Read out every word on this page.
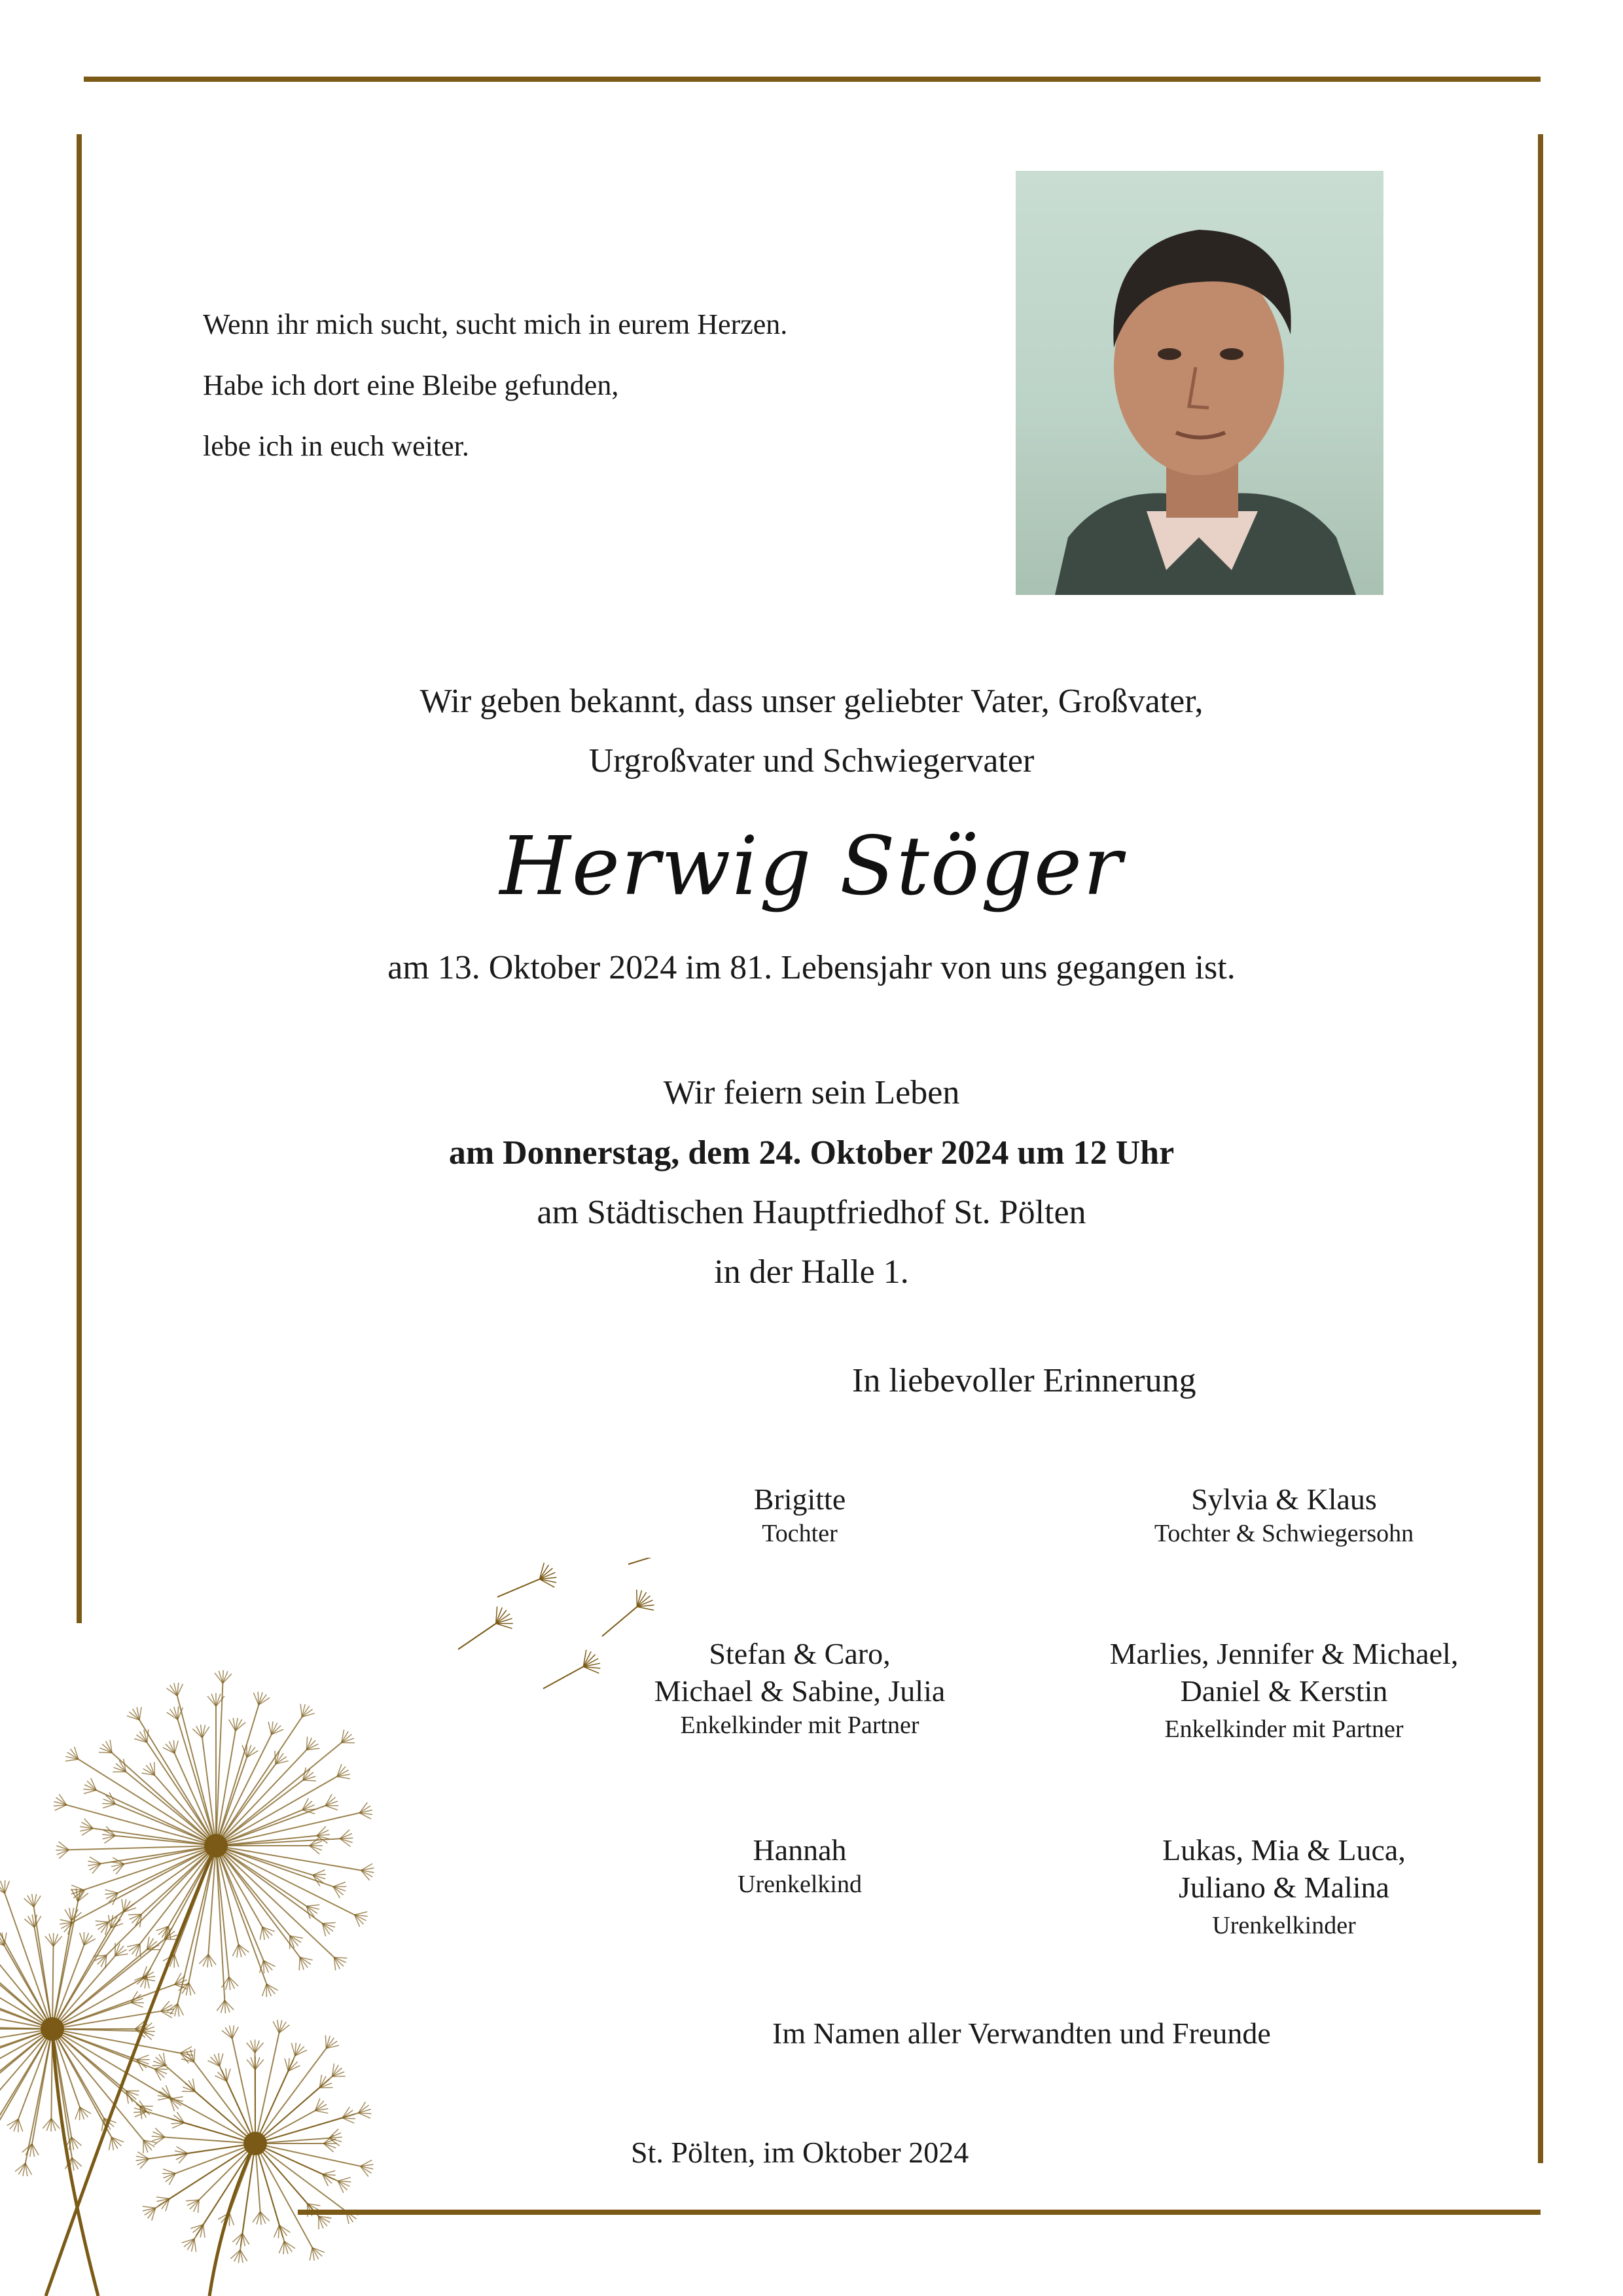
Wenn ihr mich sucht, sucht mich in eurem Herzen.
Habe ich dort eine Bleibe gefunden,
lebe ich in euch weiter.
Wir geben bekannt, dass unser geliebter Vater, Großvater,
Urgroßvater und Schwiegervater
Herwig Stöger
am 13. Oktober 2024 im 81. Lebensjahr von uns gegangen ist.
Wir feiern sein Leben
am Donnerstag, dem 24. Oktober 2024 um 12 Uhr
am Städtischen Hauptfriedhof St. Pölten
in der Halle 1.
In liebevoller Erinnerung
Brigitte
Tochter
Sylvia & Klaus
Tochter & Schwiegersohn
Stefan & Caro,
Michael & Sabine, Julia
Enkelkinder mit Partner
Marlies, Jennifer & Michael,
Daniel & Kerstin
Enkelkinder mit Partner
Hannah
Urenkelkind
Lukas, Mia & Luca,
Juliano & Malina
Urenkelkinder
Im Namen aller Verwandten und Freunde
St. Pölten, im Oktober 2024
